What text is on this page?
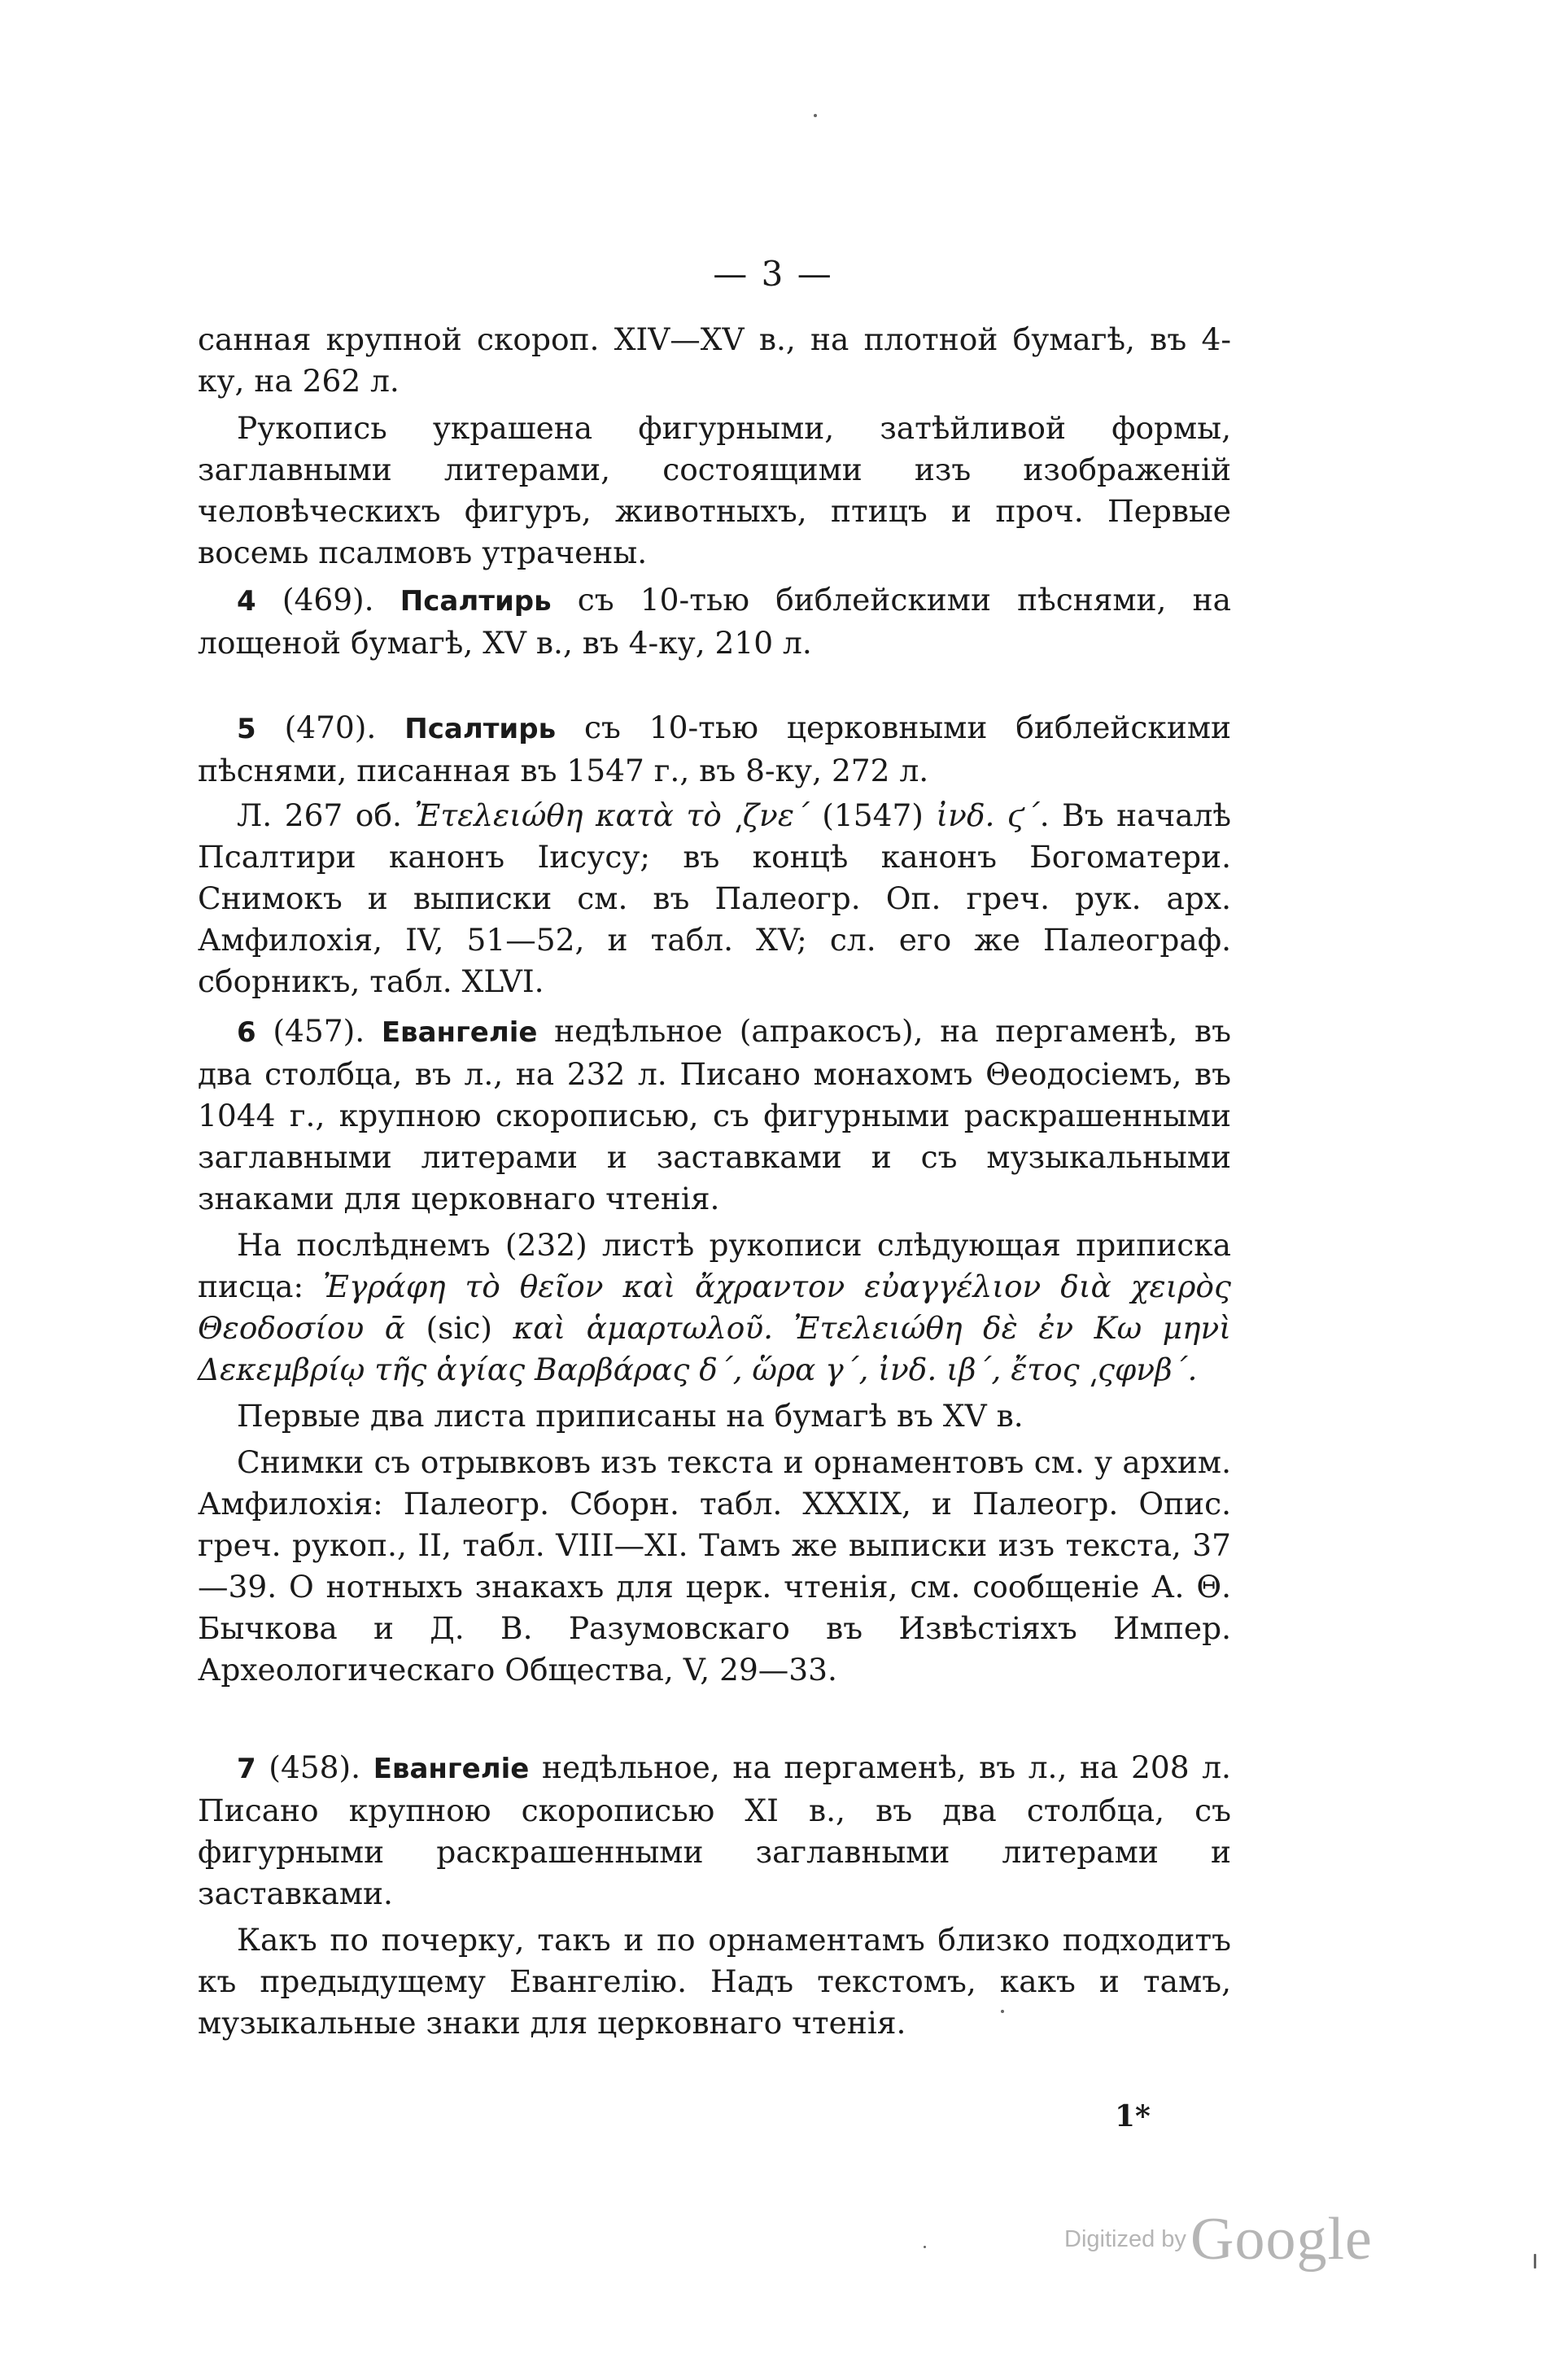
— 3 —

санная крупной скороп. XIV—XV в., на плотной бумагѣ, въ 4-ку, на 262 л.

Рукопись украшена фигурными, затѣйливой формы, заглавными литерами, состоящими изъ изображеній человѣческихъ фигуръ, животныхъ, птицъ и проч. Первые восемь псалмовъ утрачены.

4 (469). Псалтирь съ 10-тью библейскими пѣснями, на лощеной бумагѣ, XV в., въ 4-ку, 210 л.

5 (470). Псалтирь съ 10-тью церковными библейскими пѣснями, писанная въ 1547 г., въ 8-ку, 272 л.

Л. 267 об. Ἐτελειώθη κατὰ τὸ ͵ζνε´ (1547) ἰνδ. ϛ´. Въ началѣ Псалтири канонъ Іисусу; въ концѣ канонъ Богоматери. Снимокъ и выписки см. въ Палеогр. Оп. греч. рук. арх. Амфилохія, IV, 51—52, и табл. XV; сл. его же Палеограф. сборникъ, табл. XLVI.

6 (457). Евангеліе недѣльное (апракосъ), на пергаменѣ, въ два столбца, въ л., на 232 л. Писано монахомъ Θеодосіемъ, въ 1044 г., крупною скорописью, съ фигурными раскрашенными заглавными литерами и заставками и съ музыкальными знаками для церковнаго чтенія.

На послѣднемъ (232) листѣ рукописи слѣдующая приписка писца: Ἐγράφη τὸ θεῖον καὶ ἄχραντον εὐαγγέλιον διὰ χειρὸς Θεοδοσίου ᾱ (sic) καὶ ἁμαρτωλοῦ. Ἐτελειώθη δὲ ἐν Κω μηνὶ Δεκεμβρίῳ τῆς ἁγίας Βαρβάρας δ´, ὥρα γ´, ἰνδ. ιβ´, ἔτος ͵ςφνβ´.

Первые два листа приписаны на бумагѣ въ XV в.

Снимки съ отрывковъ изъ текста и орнаментовъ см. у архим. Амфилохія: Палеогр. Сборн. табл. XXXIX, и Палеогр. Опис. греч. рукоп., II, табл. VIII—XI. Тамъ же выписки изъ текста, 37—39. О нотныхъ знакахъ для церк. чтенія, см. сообщеніе А. Θ. Бычкова и Д. В. Разумовскаго въ Извѣстіяхъ Импер. Археологическаго Общества, V, 29—33.

7 (458). Евангеліе недѣльное, на пергаменѣ, въ л., на 208 л. Писано крупною скорописью XI в., въ два столбца, съ фигурными раскрашенными заглавными литерами и заставками.

Какъ по почерку, такъ и по орнаментамъ близко подходитъ къ предыдущему Евангелію. Надъ текстомъ, какъ и тамъ, музыкальные знаки для церковнаго чтенія.

1*
Digitized by Google
